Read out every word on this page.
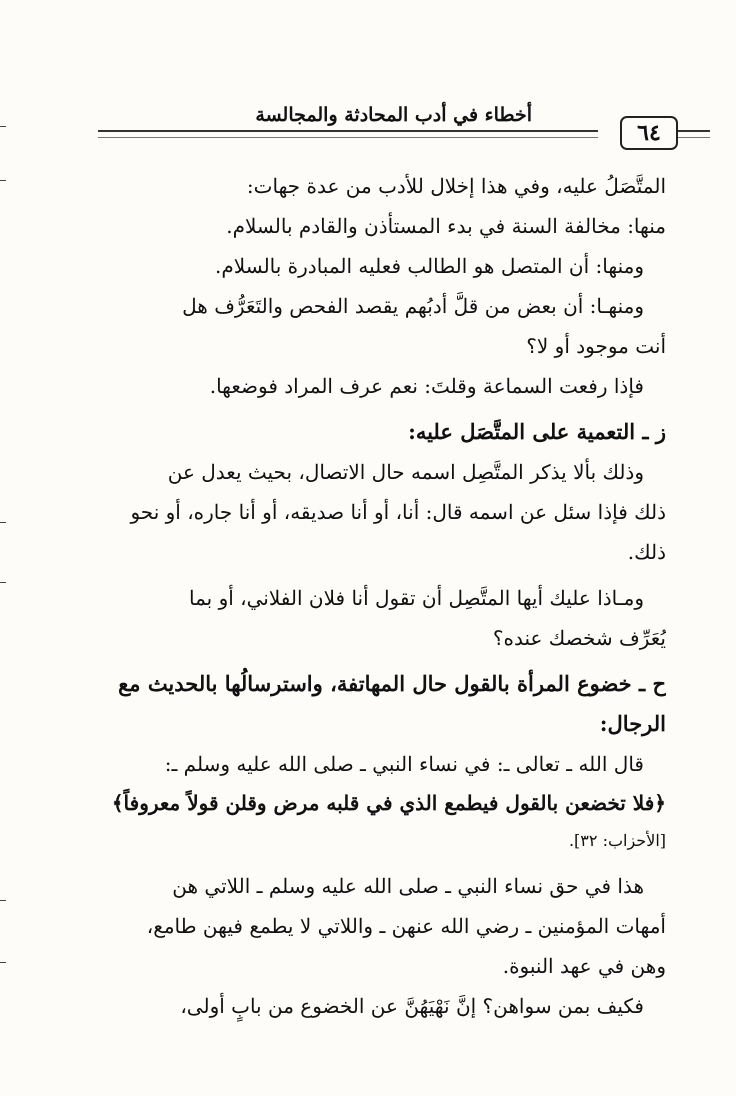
أخطاء في أدب المحادثة والمجالسة
٦٤
المتَّصَلُ عليه، وفي هذا إخلال للأدب من عدة جهات:
منها: مخالفة السنة في بدء المستأذن والقادم بالسلام.
ومنها: أن المتصل هو الطالب فعليه المبادرة بالسلام.
ومنهـا: أن بعض من قلَّ أدبُهم يقصد الفحص والتَعَرُّف هل
أنت موجود أو لا؟
فإذا رفعت السماعة وقلتَ: نعم عرف المراد فوضعها.
ز ـ التعمية على المتَّصَل عليه:
وذلك بألا يذكر المتَّصِل اسمه حال الاتصال، بحيث يعدل عن
ذلك فإذا سئل عن اسمه قال: أنا، أو أنا صديقه، أو أنا جاره، أو نحو
ذلك.
ومـاذا عليك أيها المتَّصِل أن تقول أنا فلان الفلاني، أو بما
يُعَرِّف شخصك عنده؟
ح ـ خضوع المرأة بالقول حال المهاتفة، واسترسالُها بالحديث مع
الرجال:
قال الله ـ تعالى ـ: في نساء النبي ـ صلى الله عليه وسلم ـ:
﴿فلا تخضعن بالقول فيطمع الذي في قلبه مرض وقلن قولاً معروفاً﴾
[الأحزاب: ٣٢].
هذا في حق نساء النبي ـ صلى الله عليه وسلم ـ اللاتي هن
أمهات المؤمنين ـ رضي الله عنهن ـ واللاتي لا يطمع فيهن طامع،
وهن في عهد النبوة.
فكيف بمن سواهن؟ إنَّ نَهْيَهُنَّ عن الخضوع من بابٍ أولى،
